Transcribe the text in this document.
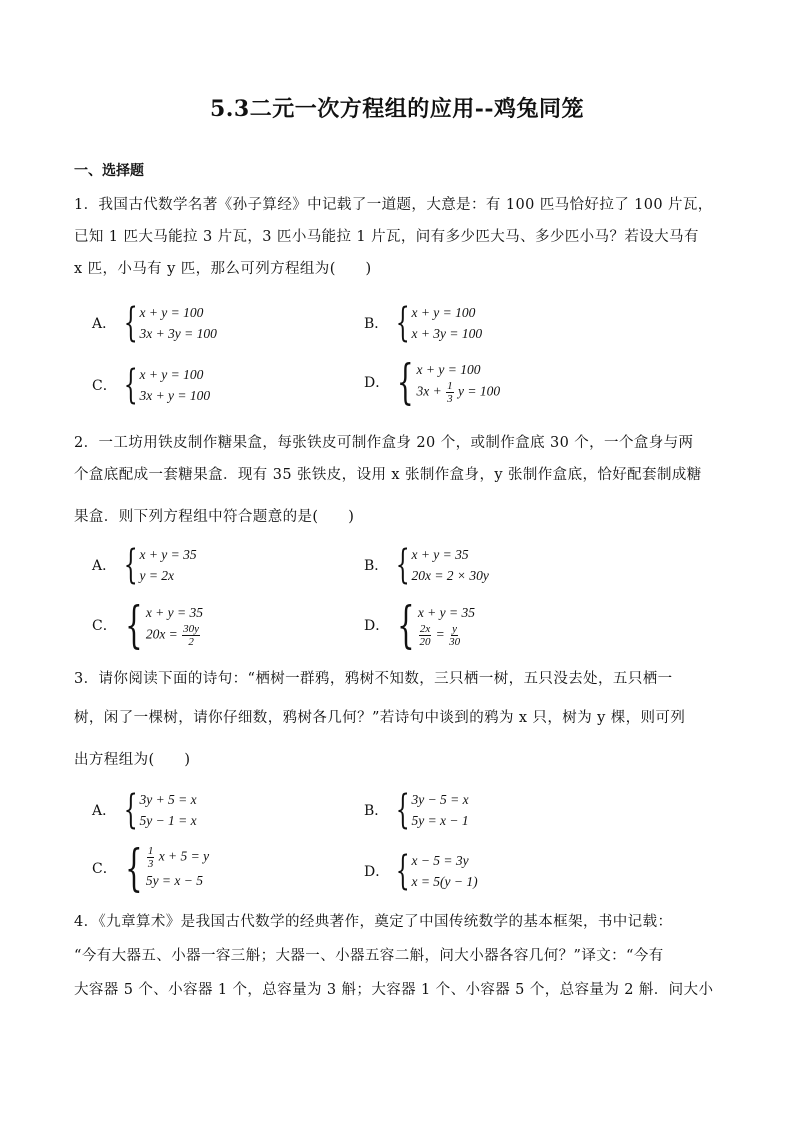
5.3二元一次方程组的应用--鸡兔同笼
一、选择题
1．我国古代数学名著《孙子算经》中记载了一道题，大意是：有 100 匹马恰好拉了 100 片瓦，
已知 1 匹大马能拉 3 片瓦，3 匹小马能拉 1 片瓦，问有多少匹大马、多少匹小马？若设大马有
x 匹，小马有 y 匹，那么可列方程组为(　　)
A． { x + y = 100
3x + 3y = 100
B． { x + y = 100
x + 3y = 100
C． { x + y = 100
3x + y = 100
D． { x + y = 100
$3x + \frac{1}{3}$ y = 100
2．一工坊用铁皮制作糖果盒，每张铁皮可制作盒身 20 个，或制作盒底 30 个，一个盒身与两
个盒底配成一套糖果盒．现有 35 张铁皮，设用 x 张制作盒身，y 张制作盒底，恰好配套制成糖
果盒．则下列方程组中符合题意的是(　　)
A． { x + y = 35
y = 2x
B． { x + y = 35
20x = 2 × 30y
C． { x + y = 35
$20x = \frac{30y}{2}$	D． { x + y = 35
$\frac{2x}{20} = \frac{y}{30}$
3．请你阅读下面的诗句：“栖树一群鸦，鸦树不知数，三只栖一树，五只没去处，五只栖一
树，闲了一棵树，请你仔细数，鸦树各几何？”若诗句中谈到的鸦为 x 只，树为 y 棵，则可列
出方程组为(　　)
A． { 3y + 5 = x
5y − 1 = x
B． { 3y − 5 = x
5y = x − 1
C． { $\frac{1}{3}$ x + 5 = y
5y = x − 5
D． { x − 5 = 3y
x = 5(y − 1)
4．《九章算术》是我国古代数学的经典著作，奠定了中国传统数学的基本框架，书中记载：
“今有大器五、小器一容三斛；大器一、小器五容二斛，问大小器各容几何？”译文：“今有
大容器 5 个、小容器 1 个，总容量为 3 斛；大容器 1 个、小容器 5 个，总容量为 2 斛．问大小
